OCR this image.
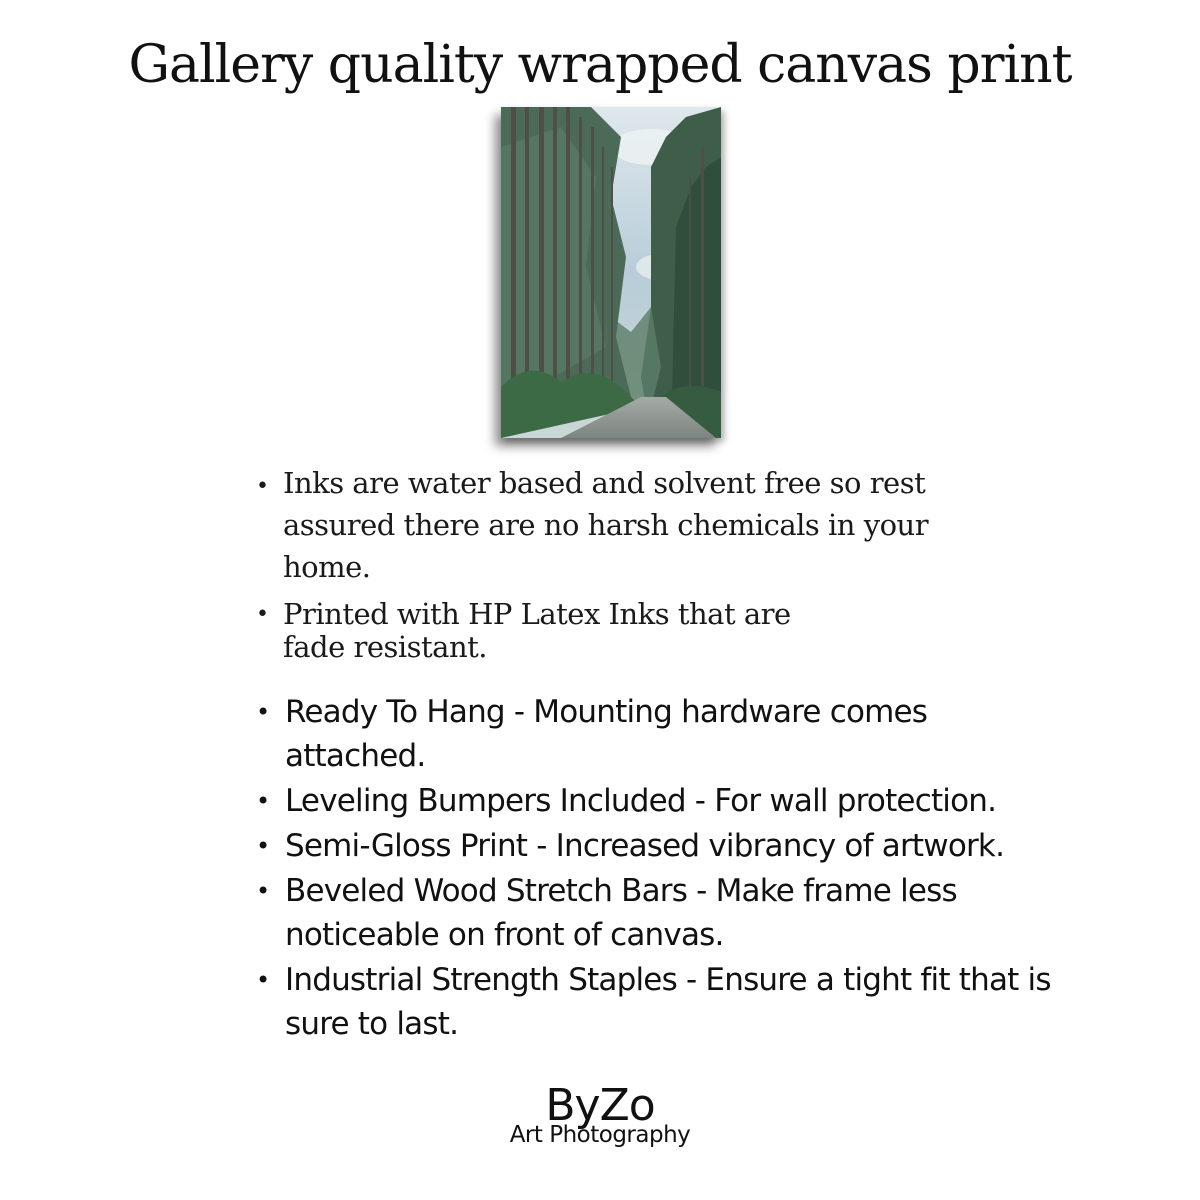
Gallery quality wrapped canvas print
• Inks are water based and solvent free so rest assured there are no harsh chemicals in your home.
• Printed with HP Latex Inks that are
fade resistant.
• Ready To Hang - Mounting hardware comes attached.
• Leveling Bumpers Included - For wall protection.
• Semi-Gloss Print - Increased vibrancy of artwork.
• Beveled Wood Stretch Bars - Make frame less noticeable on front of canvas.
• Industrial Strength Staples - Ensure a tight fit that is sure to last.
ByZo
Art Photography
